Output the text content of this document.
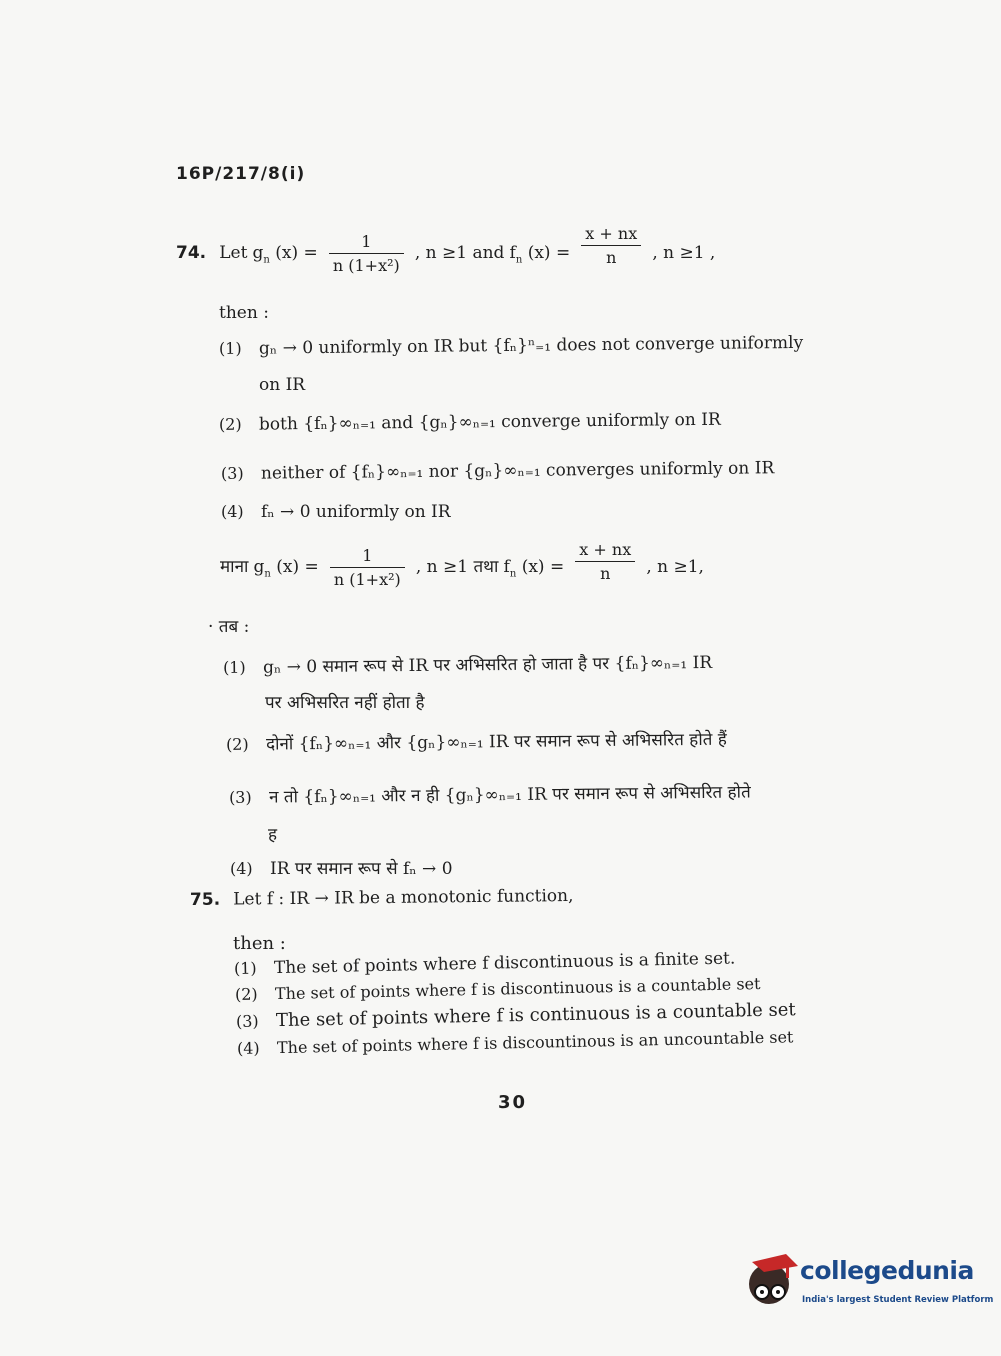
16P/217/8(i)
74. Let $g_n$ $(x) = \frac{1}{\text{n (1+x²)}}$ , n ≥1 and $f_n$ $(x) = \frac{x + nx}{n}$ , n ≥1 ,
then :
(1) gₙ → 0 uniformly on IR but {fₙ}ⁿ₌₁ does not converge uniformly
on IR
(2) both {fₙ}∞ₙ₌₁ and {gₙ}∞ₙ₌₁ converge uniformly on IR
(3) neither of {fₙ}∞ₙ₌₁ nor {gₙ}∞ₙ₌₁ converges uniformly on IR
(4) fₙ → 0 uniformly on IR
माना $g_n$ $(x) = \frac{1}{\text{n (1+x²)}}$ , n ≥1 तथा $f_n$ $(x) = \frac{x + nx}{n}$ , n ≥1,
· तब :
(1) gₙ → 0 समान रूप से IR पर अभिसरित हो जाता है पर {fₙ}∞ₙ₌₁ IR
पर अभिसरित नहीं होता है
(2) दोनों {fₙ}∞ₙ₌₁ और {gₙ}∞ₙ₌₁ IR पर समान रूप से अभिसरित होते हैं
(3) न तो {fₙ}∞ₙ₌₁ और न ही {gₙ}∞ₙ₌₁ IR पर समान रूप से अभिसरित होते
ह
(4) IR पर समान रूप से fₙ → 0
75. Let f : IR → IR be a monotonic function,
then :
(1) The set of points where f discontinuous is a finite set.
(2) The set of points where f is discontinuous is a countable set
(3) The set of points where f is continuous is a countable set
(4) The set of points where f is discountinous is an uncountable set
30
collegedunia
India's largest Student Review Platform
